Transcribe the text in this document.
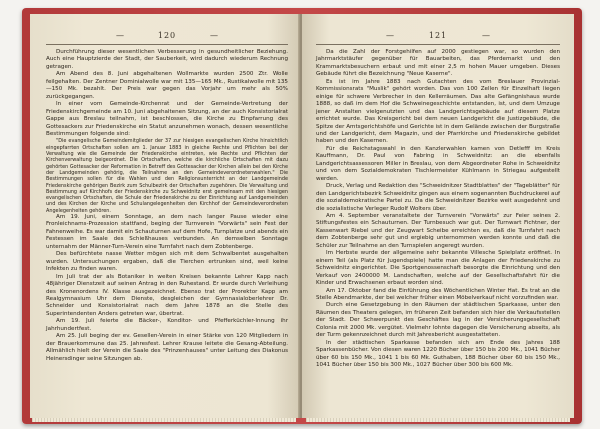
—	120	—

Durchführung dieser wesentlichen Verbesserung in gesundheitlicher Beziehung. Auch eine Hauptzierde der Stadt, der Sauberkeit, wird dadurch wiederum Rechnung getragen.

Am Abend des 8. Juni abgehaltenen Wollmarkte wurden 2500 Ztr. Wolle feilgehalten. Der Zentner Dominialwolle war mit 135—165 Mk., Rustikalwolle mit 135—150 Mk. bezahlt. Der Preis war gegen das Vorjahr um mehr als 50% zurückgegangen.

In einer vom Gemeinde-Kirchenrat und der Gemeinde-Vertretung der Friedenskirchgemeinde am 10. Juni abgehaltenen Sitzung, an der auch Konsistorialrat Gappe aus Breslau teilnahm, ist beschlossen, die Kirche zu Einpfarrung des Gottesackers zur Friedenskirche ein Statut anzunehmen wonach, dessen wesentliche Bestimmungen folgende sind:

"Die evangelische Gemeindemitglieder der 37 zur hiesigen evangelischen Kirche hinsichtlich eingepfarrten Ortschaften sollen am 1. Januar 1883 in gleiche Rechte und Pflichten bei der Verwaltung wie die Gemeinde der Friedenskirche eintreten, wie Rechte und Pflichten der Kirchenverwaltung beigeordnet. Die Ortschaften, welche die kirchliche Ortschaften mit dazu gehörten Gottesacker der Reformation in Betreff des Gottesacker der Kirchen allein bei den Kirche der Landgemeinden gehörig, die Teilnahme an den Gemeindeverordnetenwahlen." Die Bestimmungen sollen für die Wahlen und den Religionsunterricht an der Landgemeinde Friedenskirche gehörigen Bezirk zum Schulbezirk der Ortschaften zugehören. Die Verwaltung und Bestimmung auf Kirchhofs der Friedenskirche zu Schweidnitz erst gemeinsam mit den hiesigen evangelischen Ortschaften, die Schule der Friedenskirche zu der Einrichtung auf Landgemeinden und des Kirchen der Kirche und Schulangelegenheiten den Kirchhof der Gemeindeverordneten Angelegenheiten gehören.

Am 19. Juni, einem Sonntage, an dem nach langer Pause wieder eine Fronleichnams-Prozession stattfand, beging der Turnverein "Vorwärts" sein Fest der Fahnenweihe. Es war damit ein Schauturnen auf dem Hofe, Turnplatze und abends ein Festessen im Saale des Schießhauses verbunden. An demselben Sonntage unternahm der Männer-Turn-Verein eine Turnfahrt nach dem Zobtenberge.

Des befürchtete nasse Wetter mögen sich mit dem Schwalbentet ausgehalten wurden. Untersuchungen ergaben, daß die Tierchen ertrunken sind, weil keine Infekten zu finden waren.

Im Juli trat der als Botaniker in weiten Kreisen bekannte Lehrer Kapp nach 48jähriger Dienstzeit auf seinen Antrag in den Ruhestand. Er wurde durch Verleihung des Kronenordens IV. Klasse ausgezeichnet. Ebenso trat der Prorektor Kapp am Realgymnasium Uhr dem Dienste, desgleichen der Gymnasialoberlehrer Dr. Schneider und Konsistorialrat nach dem Jahre 1878 an die Stelle des Superintendenten Anders getreten war, übertrat.

Am 19. Juli feierte die Bäcker-, Konditor- und Pfefferküchler-Innung ihr Jahrhundertfest.

Am 25. Juli beging der ev. Gesellen-Verein in einer Stärke von 120 Mitgliedern in der Brauerkommune das 25. Jahresfest. Lehrer Krause leitete die Gesang-Abteilung. Allmählich hielt der Verein die Saale des "Prinzenhauses" unter Leitung des Diakonus Heinersdinger seine Sitzungen ab.

—	121	—

Da die Zahl der Forstgehilfen auf 2000 gestiegen war, so wurden den Jahrmarktstäufer gegenüber für Bauarbeiten, das Pferdemarkt und den Krammarktsbesuchern erbaut und mit einer 2,5 m hohen Mauer umgeben. Dieses Gebäude führt die Bezeichnung "Neue Kaserne".

Es ist im Jahre 1883 nach Gutachten des vom Breslauer Provinzial-Kommissionsrats "Muslik" gehört worden. Das von 100 Zellen für Einzelhaft liegen einige für schwere Verbrecher in den Kellerräumen. Das alte Gefängnishaus wurde 1888, so daß im dem Hof die Schweinegeschichte entstanden, ist, und dem Umzuge jener Anstalten vielgenutzten und das Landgerichtsgebäude auf diesem Platze errichtet wurde. Das Kreisgericht bei dem neuen Landgericht die Justizgebäude, die Spitze der Amtsgerichtshöfe und Gerichte ist in dem Gelände zwischen der Burgstraße und der Landgericht, dem Magazin, und der Pfarrkirche und Friedenskirche gebildet haben und den Kasernen.

Für die Reichstagswahl in den Kanzlerwahlen kamen von Detlefff im Kreis Kauffmann, Dr. Paul von Fabring in Schweidnitz: an die ebenfalls Landgerichtsassessoren Miller in Breslau, von dem Abgeordneter Rohe in Schweidnitz und von dem Sozialdemokraten Tischlermeister Kühlmann in Striegau aufgestellt werden.

Druck, Verlag und Redaktion des "Schweidnitzer Stadtblattes" der "Tageblätter" für den Landgerichtsbezirk Schweidnitz gingen aus einem sogenannten Buchdruckerei auf die sozialdemokratische Partei zu. Da die Schweidnitzer Bezirke weit ausgedehnt und die sozialistische Verleger Rudolf Wolters über.

Am 4. September veranstaltete der Turnverein "Vorwärts" zur Feier seines 2. Stiftungsfestes ein Schauturnen. Der Turnbesuch war gut. Der Turnwart Fichtner, der Kassenwart Riebel und der Zeugwart Scheibe erreichten es, daß die Turnfahrt nach dem Zobtenberge sehr gut und ergiebig unternommen werden konnte und daß die Schüler zur Teilnahme an den Turnspielen angeregt wurden.

Im Herbste wurde der allgemeine sehr bekannte Villesche Spielplatz eröffnet. In einem Teil (als Platz für Jugendspiele) hatte man die Anlagen der Friedenskirche zu Schweidnitz eingerichtet. Die Sportgenossenschaft besorgte die Einrichtung und den Verkauf von 2400000 M. Landschaften, welche auf der Gesellschaftsfahrt für die Kinder und Erwachsenen erbaut worden sind.

Am 17. Oktober fand die Einführung des Wöchentlichen Winter Hat. Es trat an die Stelle Abendmarkte, der bei welcher früher einen Möbelverkauf nicht vorzufinden war.

Durch eine Gesetzgebung in den Räumen der städtischen Sparkasse, unter den Räumen des Theaters gelegen, im früheren Zeit befanden sich hier die Verkaufsstellen der Stadt. Der Schwerpunkt des Geschäftes lag in der Versicherungsgesellschaft Colonia mit 2000 Mk. vergütet. Vielmehr lohnte dagegen die Versicherung abseits, als der Turm gekennzeichnet durch mit Jahresbericht ausgestatteten.

In der städtischen Sparkasse befanden sich am Ende des Jahres 188 Sparkassenbücher. Von diesen waren 1220 Bücher über 150 bis 200 Mk., 1041 Bücher über 60 bis 150 Mk., 1041 1 bis 60 Mk. Guthaben, 188 Bücher über 60 bis 150 Mk., 1041 Bücher über 150 bis 300 Mk., 1027 Bücher über 300 bis 600 Mk.
